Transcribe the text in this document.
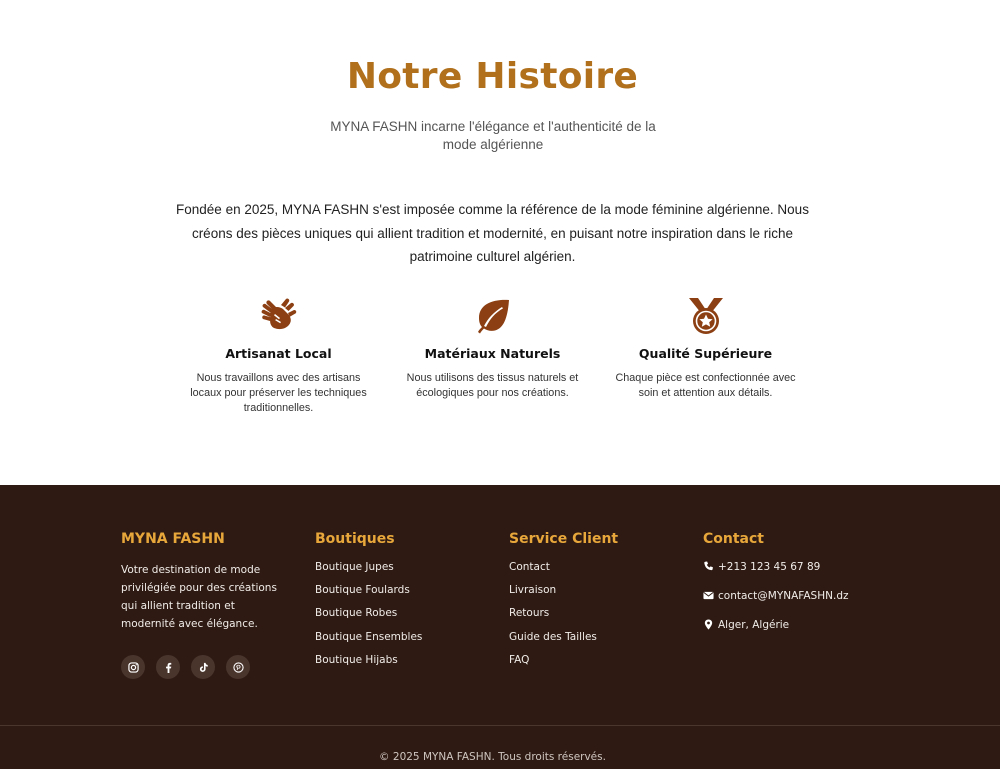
Notre Histoire

MYNA FASHN incarne l'élégance et l'authenticité de la mode algérienne

Fondée en 2025, MYNA FASHN s'est imposée comme la référence de la mode féminine algérienne. Nous créons des pièces uniques qui allient tradition et modernité, en puisant notre inspiration dans le riche patrimoine culturel algérien.

Artisanat Local
Nous travaillons avec des artisans locaux pour préserver les techniques traditionnelles.
Matériaux Naturels
Nous utilisons des tissus naturels et écologiques pour nos créations.
Qualité Supérieure
Chaque pièce est confectionnée avec soin et attention aux détails.
MYNA FASHN

Votre destination de mode privilégiée pour des créations qui allient tradition et modernité avec élégance.

Boutiques
Boutique Jupes
Boutique Foulards
Boutique Robes
Boutique Ensembles
Boutique Hijabs
Service Client
Contact
Livraison
Retours
Guide des Tailles
FAQ
Contact
+213 123 45 67 89
contact@MYNAFASHN.dz
Alger, Algérie
© 2025 MYNA FASHN. Tous droits réservés.
